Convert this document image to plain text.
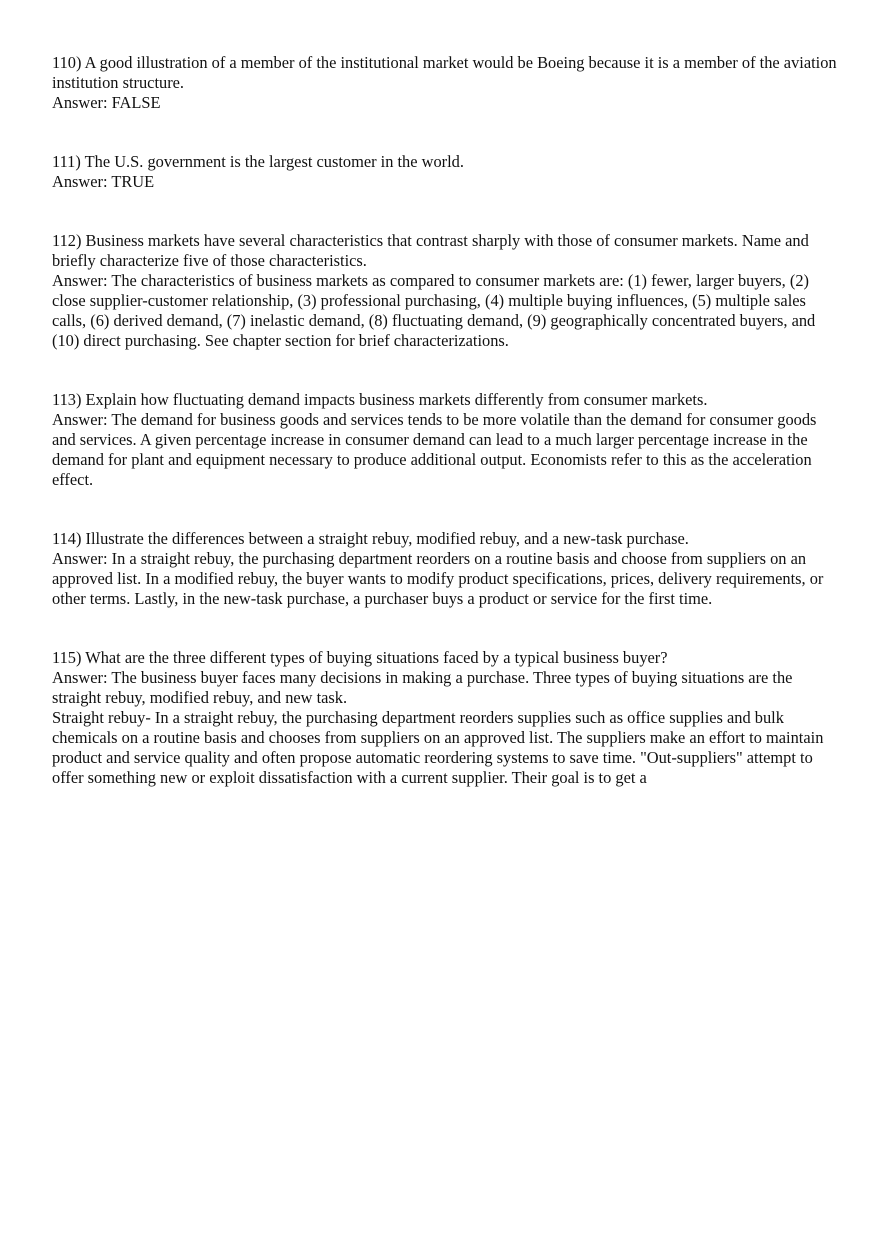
110) A good illustration of a member of the institutional market would be Boeing because it is a member of the aviation institution structure.

Answer: FALSE

111) The U.S. government is the largest customer in the world.

Answer: TRUE

112) Business markets have several characteristics that contrast sharply with those of consumer markets. Name and briefly characterize five of those characteristics.

Answer: The characteristics of business markets as compared to consumer markets are: (1) fewer, larger buyers, (2) close supplier-customer relationship, (3) professional purchasing, (4) multiple buying influences, (5) multiple sales calls, (6) derived demand, (7) inelastic demand, (8) fluctuating demand, (9) geographically concentrated buyers, and (10) direct purchasing. See chapter section for brief characterizations.

113) Explain how fluctuating demand impacts business markets differently from consumer markets.

Answer: The demand for business goods and services tends to be more volatile than the demand for consumer goods and services. A given percentage increase in consumer demand can lead to a much larger percentage increase in the demand for plant and equipment necessary to produce additional output. Economists refer to this as the acceleration effect.

114) Illustrate the differences between a straight rebuy, modified rebuy, and a new-task purchase.

Answer: In a straight rebuy, the purchasing department reorders on a routine basis and choose from suppliers on an approved list. In a modified rebuy, the buyer wants to modify product specifications, prices, delivery requirements, or other terms. Lastly, in the new-task purchase, a purchaser buys a product or service for the first time.

115) What are the three different types of buying situations faced by a typical business buyer?

Answer: The business buyer faces many decisions in making a purchase. Three types of buying situations are the straight rebuy, modified rebuy, and new task.

Straight rebuy- In a straight rebuy, the purchasing department reorders supplies such as office supplies and bulk chemicals on a routine basis and chooses from suppliers on an approved list. The suppliers make an effort to maintain product and service quality and often propose automatic reordering systems to save time. "Out-suppliers" attempt to offer something new or exploit dissatisfaction with a current supplier. Their goal is to get a
